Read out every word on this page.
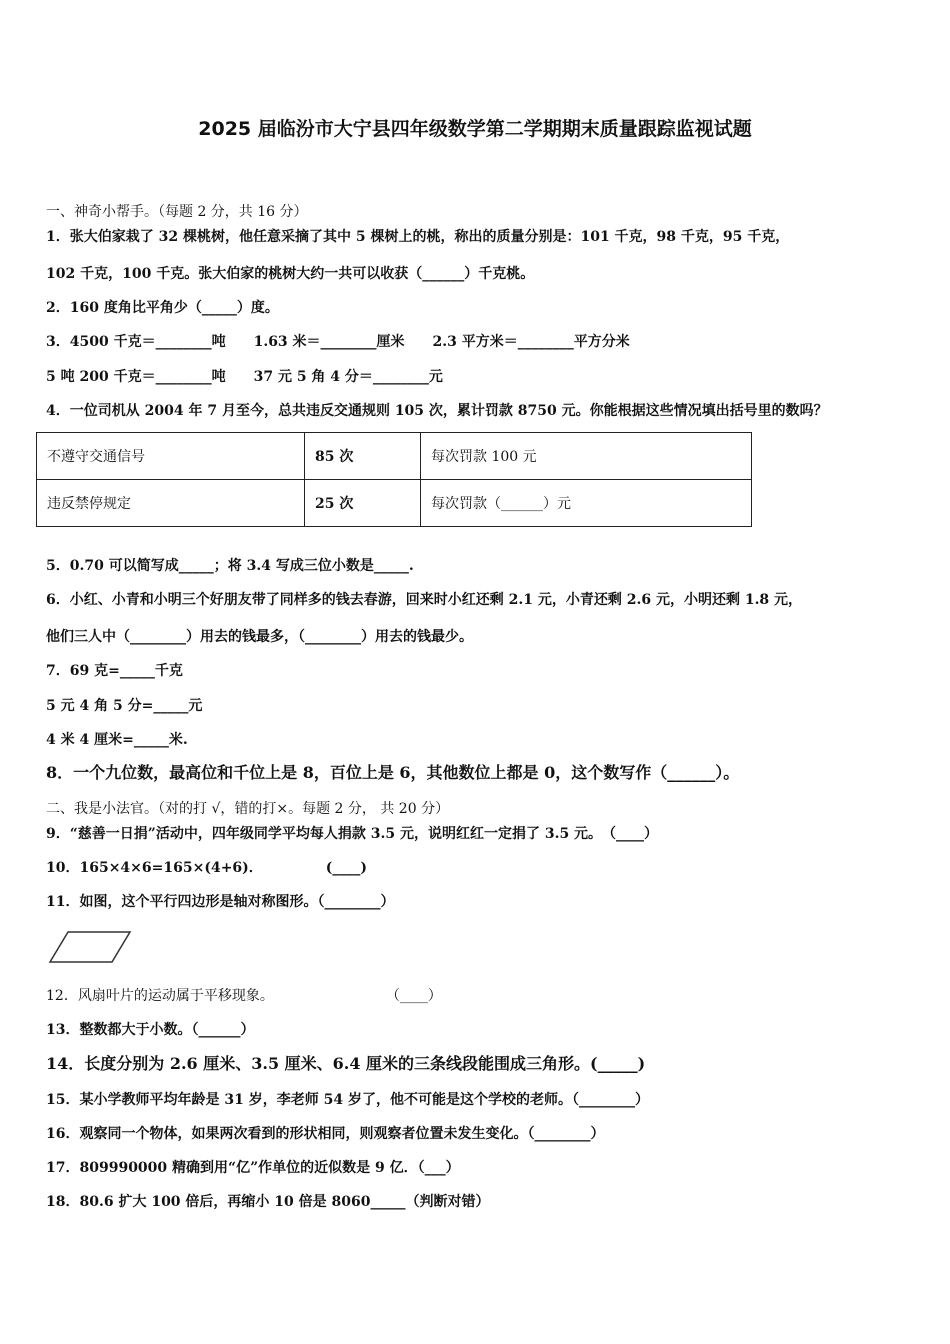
2025 届临汾市大宁县四年级数学第二学期期末质量跟踪监视试题

一、神奇小帮手。（每题 2 分，共 16 分）

1．张大伯家栽了 32 棵桃树，他任意采摘了其中 5 棵树上的桃，称出的质量分别是：101 千克，98 千克，95 千克，

102 千克，100 千克。张大伯家的桃树大约一共可以收获（______）千克桃。

2．160 度角比平角少（_____）度。

3．4500 千克＝________吨　　1.63 米＝________厘米　　2.3 平方米＝________平方分米

5 吨 200 千克＝________吨　　37 元 5 角 4 分＝________元

4．一位司机从 2004 年 7 月至今，总共违反交通规则 105 次，累计罚款 8750 元。你能根据这些情况填出括号里的数吗？

不遵守交通信号	85 次	每次罚款 100 元
违反禁停规定	25 次	每次罚款（______）元

5．0.70 可以简写成_____；将 3.4 写成三位小数是_____.

6．小红、小青和小明三个好朋友带了同样多的钱去春游，回来时小红还剩 2.1 元，小青还剩 2.6 元，小明还剩 1.8 元，

他们三人中（________）用去的钱最多，（________）用去的钱最少。

7．69 克=_____千克

5 元 4 角 5 分=_____元

4 米 4 厘米=_____米.

8．一个九位数，最高位和千位上是 8，百位上是 6，其他数位上都是 0，这个数写作（______）。

二、我是小法官。（对的打 √，错的打×。每题 2 分， 共 20 分）

9．“慈善一日捐”活动中，四年级同学平均每人捐款 3.5 元，说明红红一定捐了 3.5 元。　（____）

10．165×4×6=165×(4+6)．　　　　　(____)

11．如图，这个平行四边形是轴对称图形。（________）

12．风扇叶片的运动属于平移现象。　　　　　　　　　（____）

13．整数都大于小数。（______）

14．长度分别为 2.6 厘米、3.5 厘米、6.4 厘米的三条线段能围成三角形。(_____)

15．某小学教师平均年龄是 31 岁，李老师 54 岁了，他不可能是这个学校的老师。（________）

16．观察同一个物体，如果两次看到的形状相同，则观察者位置未发生变化。（________）

17．809990000 精确到用“亿”作单位的近似数是 9 亿．（___）

18．80.6 扩大 100 倍后，再缩小 10 倍是 8060_____（判断对错）
